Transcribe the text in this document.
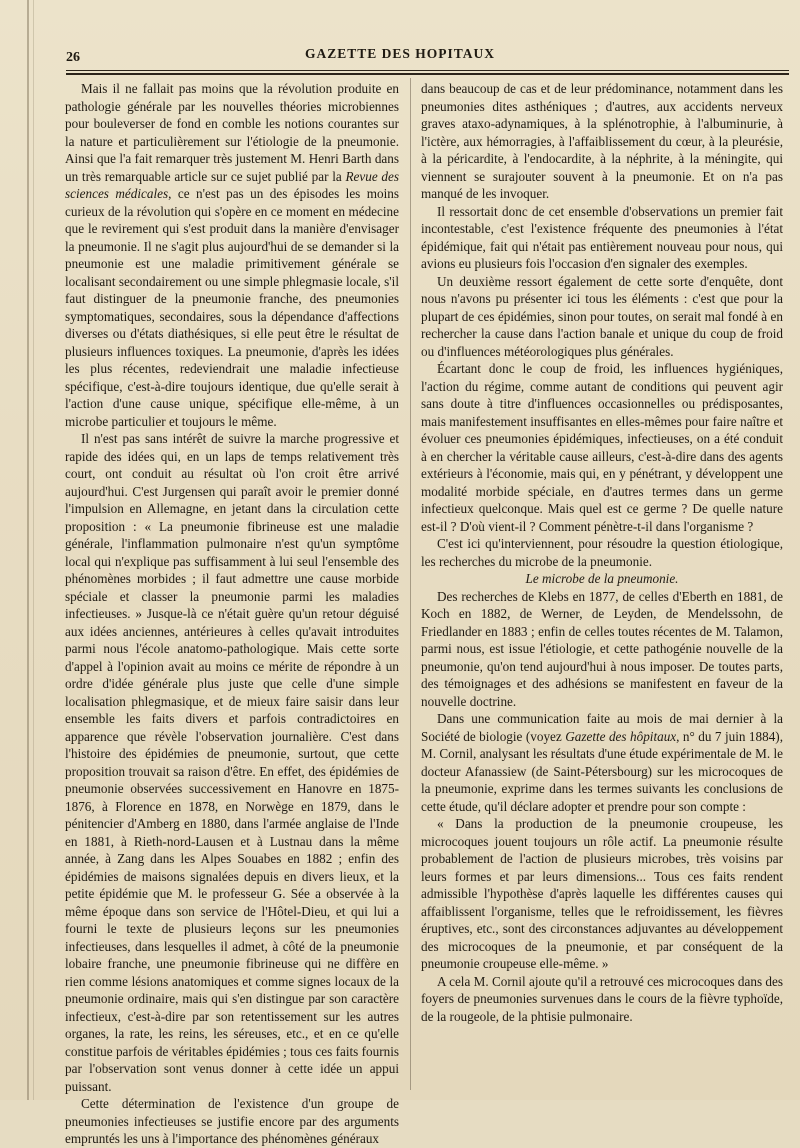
26	GAZETTE DES HOPITAUX

Mais il ne fallait pas moins que la révolution produite en pathologie générale par les nouvelles théories microbiennes pour bouleverser de fond en comble les notions courantes sur la nature et particulièrement sur l'étiologie de la pneumonie. Ainsi que l'a fait remarquer très justement M. Henri Barth dans un très remarquable article sur ce sujet publié par la Revue des sciences médicales, ce n'est pas un des épisodes les moins curieux de la révolution qui s'opère en ce moment en médecine que le revirement qui s'est produit dans la manière d'envisager la pneumonie. Il ne s'agit plus aujourd'hui de se demander si la pneumonie est une maladie primitivement générale se localisant secondairement ou une simple phlegmasie locale, s'il faut distinguer de la pneumonie franche, des pneumonies symptomatiques, secondaires, sous la dépendance d'affections diverses ou d'états diathésiques, si elle peut être le résultat de plusieurs influences toxiques. La pneumonie, d'après les idées les plus récentes, redeviendrait une maladie infectieuse spécifique, c'est-à-dire toujours identique, due qu'elle serait à l'action d'une cause unique, spécifique elle-même, à un microbe particulier et toujours le même.

Il n'est pas sans intérêt de suivre la marche progressive et rapide des idées qui, en un laps de temps relativement très court, ont conduit au résultat où l'on croit être arrivé aujourd'hui. C'est Jurgensen qui paraît avoir le premier donné l'impulsion en Allemagne, en jetant dans la circulation cette proposition : « La pneumonie fibrineuse est une maladie générale, l'inflammation pulmonaire n'est qu'un symptôme local qui n'explique pas suffisamment à lui seul l'ensemble des phénomènes morbides ; il faut admettre une cause morbide spéciale et classer la pneumonie parmi les maladies infectieuses. » Jusque-là ce n'était guère qu'un retour déguisé aux idées anciennes, antérieures à celles qu'avait introduites parmi nous l'école anatomo-pathologique. Mais cette sorte d'appel à l'opinion avait au moins ce mérite de répondre à un ordre d'idée générale plus juste que celle d'une simple localisation phlegmasique, et de mieux faire saisir dans leur ensemble les faits divers et parfois contradictoires en apparence que révèle l'observation journalière. C'est dans l'histoire des épidémies de pneumonie, surtout, que cette proposition trouvait sa raison d'être. En effet, des épidémies de pneumonie observées successivement en Hanovre en 1875-1876, à Florence en 1878, en Norwège en 1879, dans le pénitencier d'Amberg en 1880, dans l'armée anglaise de l'Inde en 1881, à Rieth-nord-Lausen et à Lustnau dans la même année, à Zang dans les Alpes Souabes en 1882 ; enfin des épidémies de maisons signalées depuis en divers lieux, et la petite épidémie que M. le professeur G. Sée a observée à la même époque dans son service de l'Hôtel-Dieu, et qui lui a fourni le texte de plusieurs leçons sur les pneumonies infectieuses, dans lesquelles il admet, à côté de la pneumonie lobaire franche, une pneumonie fibrineuse qui ne diffère en rien comme lésions anatomiques et comme signes locaux de la pneumonie ordinaire, mais qui s'en distingue par son caractère infectieux, c'est-à-dire par son retentissement sur les autres organes, la rate, les reins, les séreuses, etc., et en ce qu'elle constitue parfois de véritables épidémies ; tous ces faits fournis par l'observation sont venus donner à cette idée un appui puissant.

Cette détermination de l'existence d'un groupe de pneumonies infectieuses se justifie encore par des arguments empruntés les uns à l'importance des phénomènes généraux

dans beaucoup de cas et de leur prédominance, notamment dans les pneumonies dites asthéniques ; d'autres, aux accidents nerveux graves ataxo-adynamiques, à la splénotrophie, à l'albuminurie, à l'ictère, aux hémorragies, à l'affaiblissement du cœur, à la pleurésie, à la péricardite, à l'endocardite, à la néphrite, à la méningite, qui viennent se surajouter souvent à la pneumonie. Et on n'a pas manqué de les invoquer.

Il ressortait donc de cet ensemble d'observations un premier fait incontestable, c'est l'existence fréquente des pneumonies à l'état épidémique, fait qui n'était pas entièrement nouveau pour nous, qui avions eu plusieurs fois l'occasion d'en signaler des exemples.

Un deuxième ressort également de cette sorte d'enquête, dont nous n'avons pu présenter ici tous les éléments : c'est que pour la plupart de ces épidémies, sinon pour toutes, on serait mal fondé à en rechercher la cause dans l'action banale et unique du coup de froid ou d'influences météorologiques plus générales.

Écartant donc le coup de froid, les influences hygiéniques, l'action du régime, comme autant de conditions qui peuvent agir sans doute à titre d'influences occasionnelles ou prédisposantes, mais manifestement insuffisantes en elles-mêmes pour faire naître et évoluer ces pneumonies épidémiques, infectieuses, on a été conduit à en chercher la véritable cause ailleurs, c'est-à-dire dans des agents extérieurs à l'économie, mais qui, en y pénétrant, y développent une modalité morbide spéciale, en d'autres termes dans un germe infectieux quelconque. Mais quel est ce germe ? De quelle nature est-il ? D'où vient-il ? Comment pénètre-t-il dans l'organisme ?

C'est ici qu'interviennent, pour résoudre la question étiologique, les recherches du microbe de la pneumonie.

Le microbe de la pneumonie.

Des recherches de Klebs en 1877, de celles d'Eberth en 1881, de Koch en 1882, de Werner, de Leyden, de Mendelssohn, de Friedlander en 1883 ; enfin de celles toutes récentes de M. Talamon, parmi nous, est issue l'étiologie, et cette pathogénie nouvelle de la pneumonie, qu'on tend aujourd'hui à nous imposer. De toutes parts, des témoignages et des adhésions se manifestent en faveur de la nouvelle doctrine.

Dans une communication faite au mois de mai dernier à la Société de biologie (voyez Gazette des hôpitaux, n° du 7 juin 1884), M. Cornil, analysant les résultats d'une étude expérimentale de M. le docteur Afanassiew (de Saint-Pétersbourg) sur les microcoques de la pneumonie, exprime dans les termes suivants les conclusions de cette étude, qu'il déclare adopter et prendre pour son compte :

« Dans la production de la pneumonie croupeuse, les microcoques jouent toujours un rôle actif. La pneumonie résulte probablement de l'action de plusieurs microbes, très voisins par leurs formes et par leurs dimensions... Tous ces faits rendent admissible l'hypothèse d'après laquelle les différentes causes qui affaiblissent l'organisme, telles que le refroidissement, les fièvres éruptives, etc., sont des circonstances adjuvantes au développement des microcoques de la pneumonie, et par conséquent de la pneumonie croupeuse elle-même. »

A cela M. Cornil ajoute qu'il a retrouvé ces microcoques dans des foyers de pneumonies survenues dans le cours de la fièvre typhoïde, de la rougeole, de la phtisie pulmonaire.
